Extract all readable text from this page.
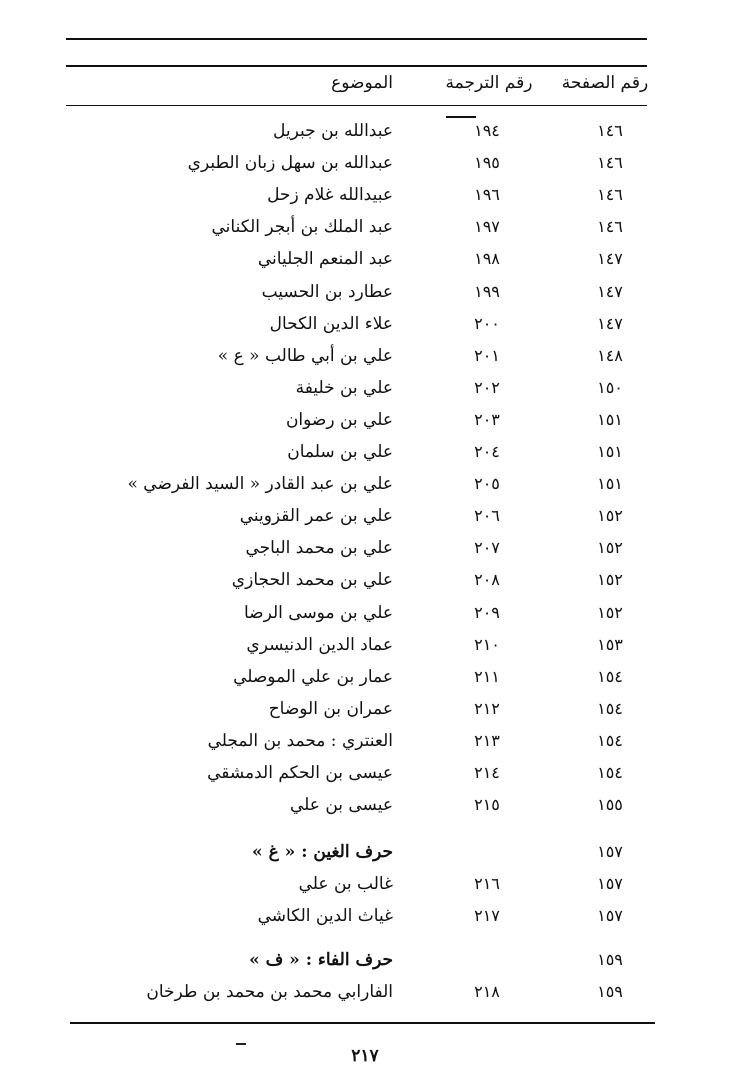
رقم الصفحة
رقم الترجمة
الموضوع
١٤٦
١٩٤
عبدالله بن جبريل
١٤٦
١٩٥
عبدالله بن سهل زبان الطبري
١٤٦
١٩٦
عبيدالله غلام زحل
١٤٦
١٩٧
عبد الملك بن أبجر الكناني
١٤٧
١٩٨
عبد المنعم الجلياني
١٤٧
١٩٩
عطارد بن الحسيب
١٤٧
٢٠٠
علاء الدين الكحال
١٤٨
٢٠١
علي بن أبي طالب « ع »
١٥٠
٢٠٢
علي بن خليفة
١٥١
٢٠٣
علي بن رضوان
١٥١
٢٠٤
علي بن سلمان
١٥١
٢٠٥
علي بن عبد القادر « السيد الفرضي »
١٥٢
٢٠٦
علي بن عمر القزويني
١٥٢
٢٠٧
علي بن محمد الباجي
١٥٢
٢٠٨
علي بن محمد الحجازي
١٥٢
٢٠٩
علي بن موسى الرضا
١٥٣
٢١٠
عماد الدين الدنيسري
١٥٤
٢١١
عمار بن علي الموصلي
١٥٤
٢١٢
عمران بن الوضاح
١٥٤
٢١٣
العنتري : محمد بن المجلي
١٥٤
٢١٤
عيسى بن الحكم الدمشقي
١٥٥
٢١٥
عيسى بن علي
١٥٧
حرف الغين : « غ »
١٥٧
٢١٦
غالب بن علي
١٥٧
٢١٧
غياث الدين الكاشي
١٥٩
حرف الفاء : « ف »
١٥٩
٢١٨
الفارابي محمد بن محمد بن طرخان
٢١٧
